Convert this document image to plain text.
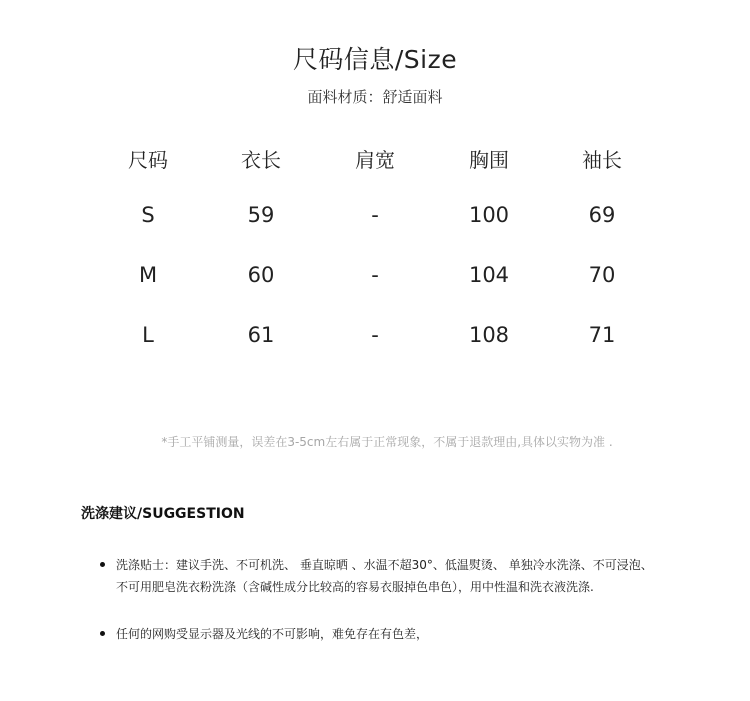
尺码信息/Size
面料材质：舒适面料
尺码	衣长	肩宽	胸围	袖长
S	59	-	100	69
M	60	-	104	70
L	61	-	108	71
*手工平铺测量，误差在3-5cm左右属于正常现象，不属于退款理由,具体以实物为准 .
洗涤建议/SUGGESTION
洗涤贴士：建议手洗、不可机洗、 垂直晾晒 、水温不超30°、低温熨烫、 单独冷水洗涤、不可浸泡、
不可用肥皂洗衣粉洗涤（含碱性成分比较高的容易衣服掉色串色），用中性温和洗衣液洗涤.
任何的网购受显示器及光线的不可影响，难免存在有色差，
